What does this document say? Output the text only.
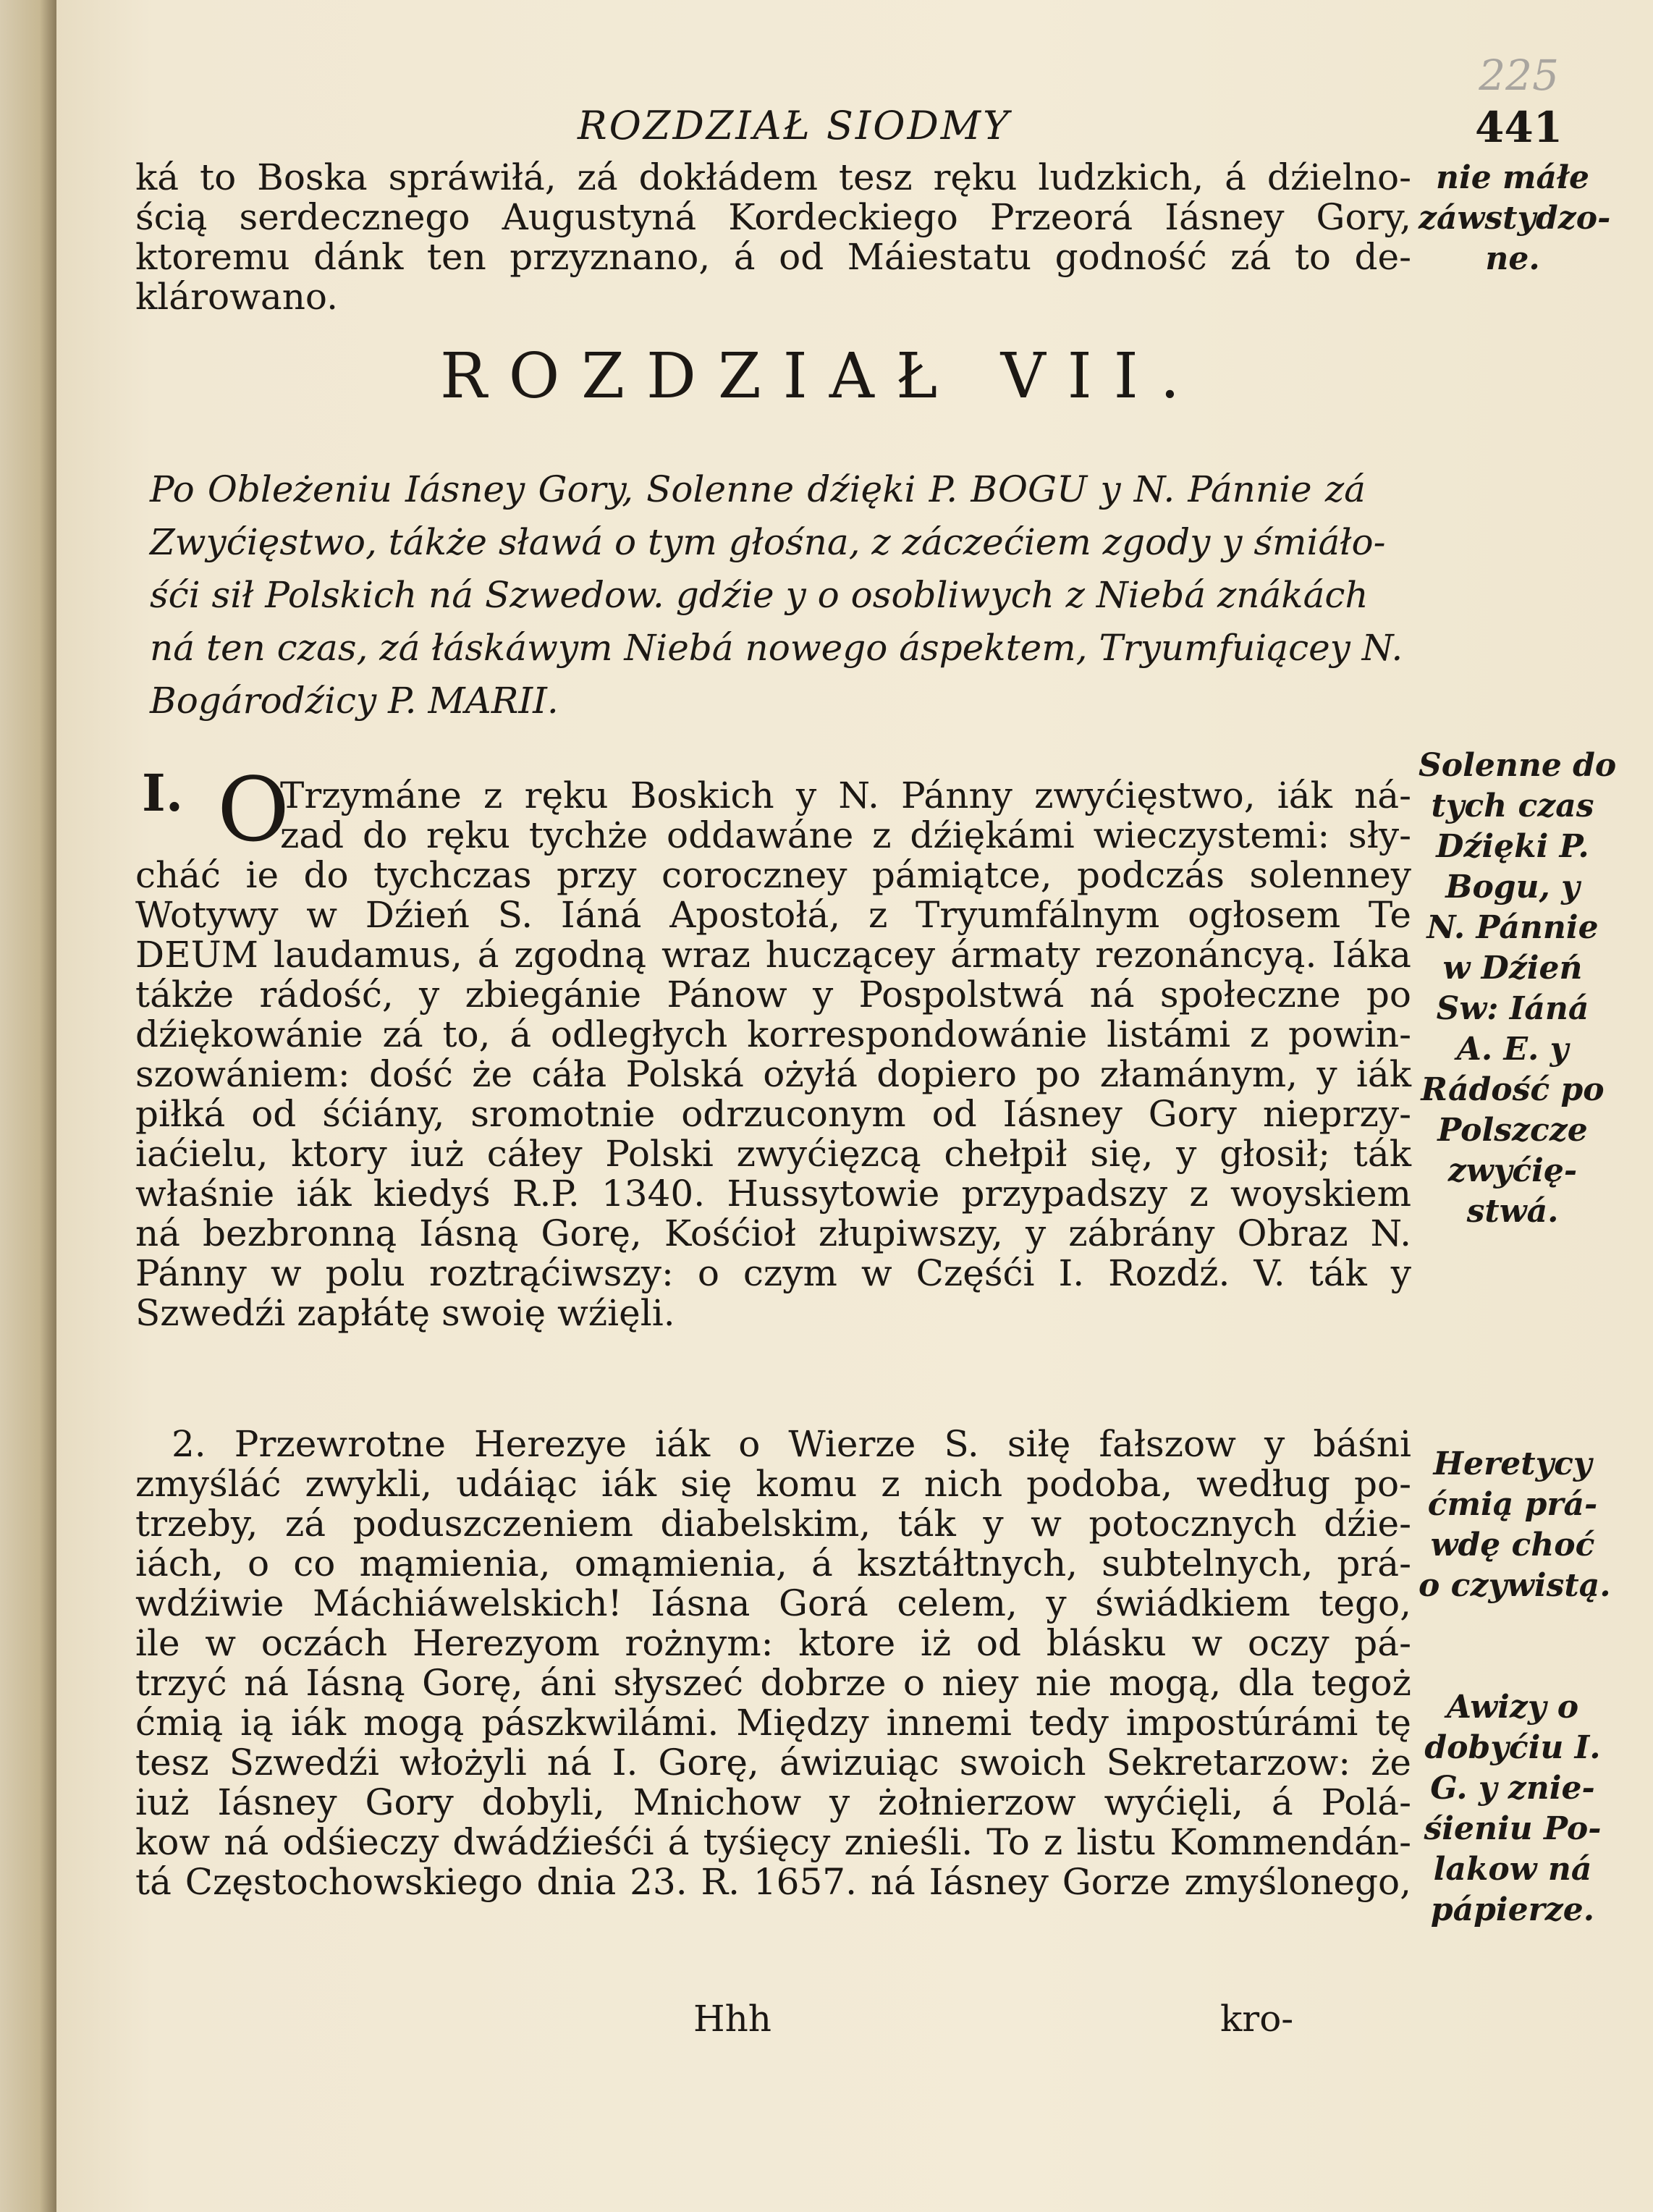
225
ROZDZIAŁ SIODMY	441
ká to Boska spráwiłá, zá dokłádem tesz ręku ludzkich, á dźielno-
ścią serdecznego Augustyná Kordeckiego Przeorá Iásney Gory,
ktoremu dánk ten przyznano, á od Máiestatu godność zá to de-
klárowano.
nie máłe
záwstydzo-
ne.
ROZDZIAŁ VII.
Po Obleżeniu Iásney Gory, Solenne dźięki P. BOGU y N. Pánnie zá
Zwyćięstwo, tákże sławá o tym głośna, z záczećiem zgody y śmiáło-
śći sił Polskich ná Szwedow. gdźie y o osobliwych z Niebá znákách
ná ten czas, zá łáskáwym Niebá nowego áspektem, Tryumfuiącey N.
Bogárodźicy P. MARII.
I. O
Trzymáne z ręku Boskich y N. Pánny zwyćięstwo, iák ná-
zad do ręku tychże oddawáne z dźiękámi wieczystemi: sły-
cháć ie do tychczas przy coroczney pámiątce, podczás solenney
Wotywy w Dźień S. Iáná Apostołá, z Tryumfálnym ogłosem Te
DEUM laudamus, á zgodną wraz huczącey ármaty rezonáncyą. Iáka
tákże rádość, y zbiegánie Pánow y Pospolstwá ná społeczne po
dźiękowánie zá to, á odległych korrespondowánie listámi z powin-
szowániem: dość że cáła Polská ożyłá dopiero po złamánym, y iák
piłká od śćiány, sromotnie odrzuconym od Iásney Gory nieprzy-
iaćielu, ktory iuż cáłey Polski zwyćięzcą chełpił się, y głosił; ták
właśnie iák kiedyś R.P. 1340. Hussytowie przypadszy z woyskiem
ná bezbronną Iásną Gorę, Kośćioł złupiwszy, y zábrány Obraz N.
Pánny w polu roztrąćiwszy: o czym w Częśći I. Rozdź. V. ták y
Szwedźi zapłátę swoię wźięli.
Solenne do
tych czas
Dźięki P.
Bogu, y
N. Pánnie
w Dźień
Sw: Iáná
A. E. y
Rádość po
Polszcze
zwyćię-
stwá.
2. Przewrotne Herezye iák o Wierze S. siłę fałszow y báśni
zmyśláć zwykli, udáiąc iák się komu z nich podoba, według po-
trzeby, zá poduszczeniem diabelskim, ták y w potocznych dźie-
iách, o co mąmienia, omąmienia, á ksztáłtnych, subtelnych, prá-
wdźiwie Máchiáwelskich! Iásna Gorá celem, y świádkiem tego,
ile w oczách Herezyom rożnym: ktore iż od blásku w oczy pá-
trzyć ná Iásną Gorę, áni słyszeć dobrze o niey nie mogą, dla tegoż
ćmią ią iák mogą pászkwilámi. Między innemi tedy impostúrámi tę
tesz Szwedźi włożyli ná I. Gorę, áwizuiąc swoich Sekretarzow: że
iuż Iásney Gory dobyli, Mnichow y żołnierzow wyćięli, á Polá-
kow ná odśieczy dwádźieśći á tyśięcy znieśli. To z listu Kommendán-
tá Częstochowskiego dnia 23. R. 1657. ná Iásney Gorze zmyślonego,
Heretycy
ćmią prá-
wdę choć
o czywistą.
Awizy o
dobyćiu I.
G. y znie-
śieniu Po-
lakow ná
pápierze.
Hhh	kro-
